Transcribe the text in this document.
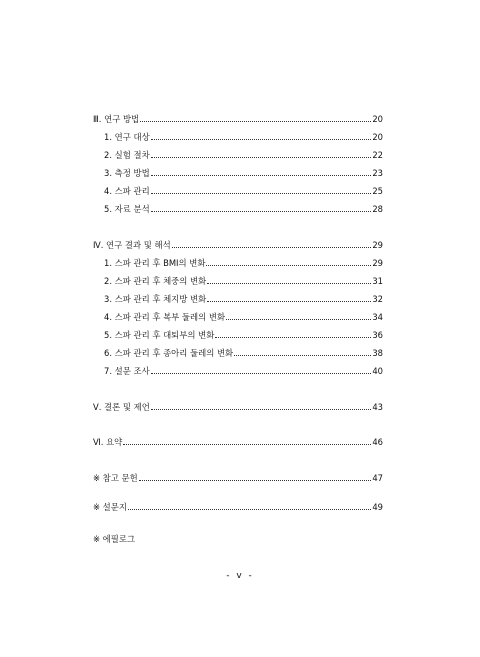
Ⅲ. 연구 방법	20
1. 연구 대상	20
2. 실험 절차	22
3. 측정 방법	23
4. 스파 관리	25
5. 자료 분석	28
Ⅳ. 연구 결과 및 해석	29
1. 스파 관리 후 BMI의 변화	29
2. 스파 관리 후 체중의 변화	31
3. 스파 관리 후 체지방 변화	32
4. 스파 관리 후 복부 둘레의 변화	34
5. 스파 관리 후 대퇴부의 변화	36
6. 스파 관리 후 종아리 둘레의 변화	38
7. 설문 조사	40
Ⅴ. 결론 및 제언	43
Ⅵ. 요약	46
※ 참고 문헌	47
※ 설문지	49
※ 에필로그
- v -
